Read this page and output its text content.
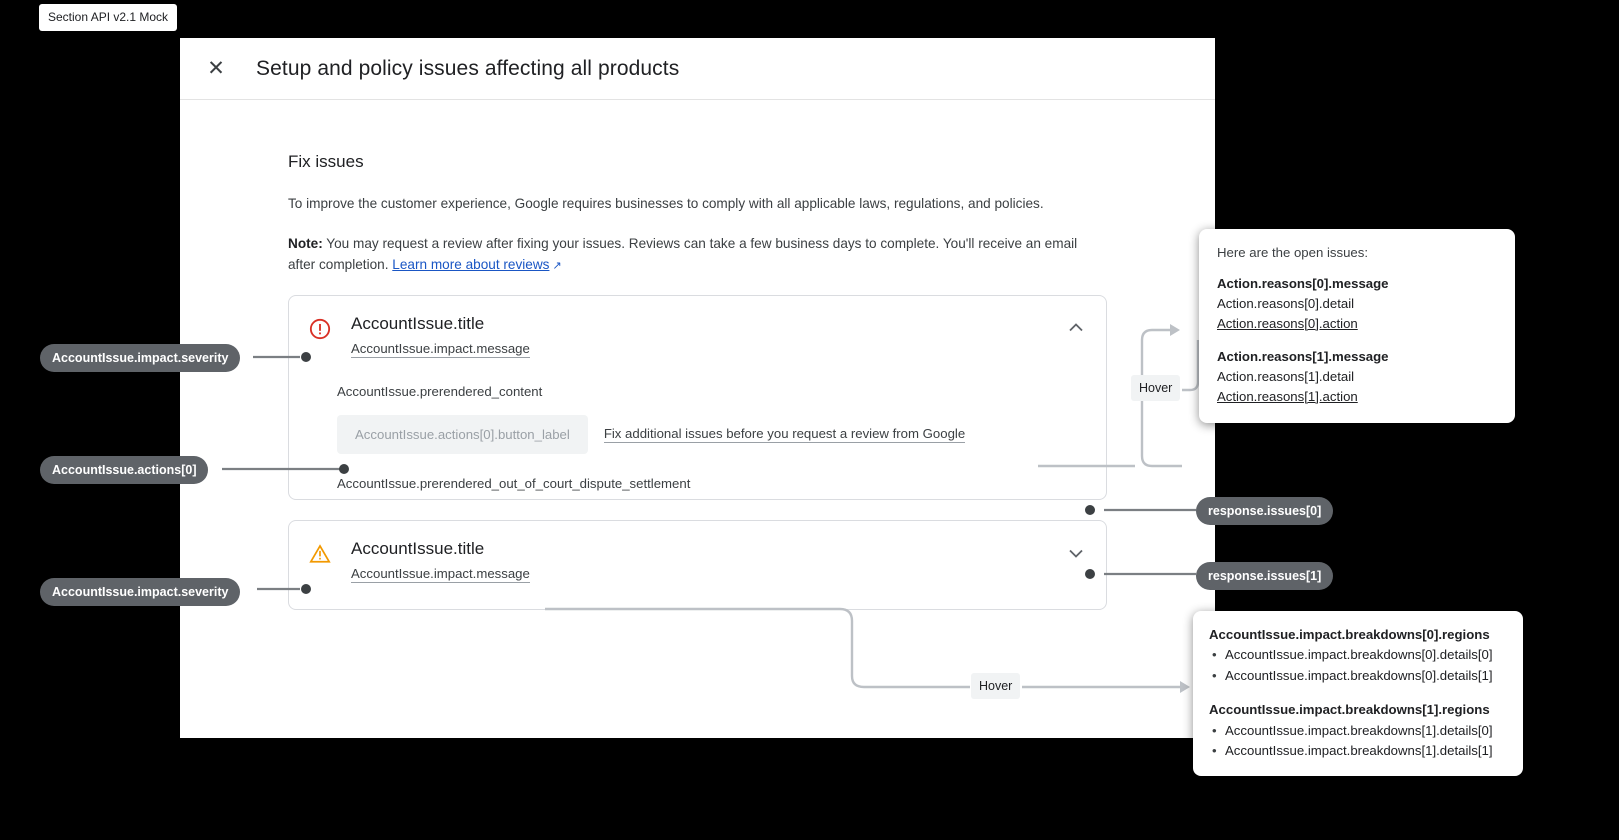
Section API v2.1 Mock
✕	Setup and policy issues affecting all products
Fix issues

To improve the customer experience, Google requires businesses to comply with all applicable laws, regulations, and policies.

Note: You may request a review after fixing your issues. Reviews can take a few business days to complete. You'll receive an email after completion. Learn more about reviews ↗︎

AccountIssue.title
AccountIssue.impact.message
AccountIssue.prerendered_content
AccountIssue.actions[0].button_label	Fix additional issues before you request a review from Google
AccountIssue.prerendered_out_of_court_dispute_settlement
AccountIssue.title
AccountIssue.impact.message
Hover
Hover
Here are the open issues:
Action.reasons[0].message
Action.reasons[0].detail
Action.reasons[0].action
Action.reasons[1].message
Action.reasons[1].detail
Action.reasons[1].action
AccountIssue.impact.breakdowns[0].regions
• AccountIssue.impact.breakdowns[0].details[0]
• AccountIssue.impact.breakdowns[0].details[1]
AccountIssue.impact.breakdowns[1].regions
• AccountIssue.impact.breakdowns[1].details[0]
• AccountIssue.impact.breakdowns[1].details[1]
AccountIssue.impact.severity
AccountIssue.actions[0]
AccountIssue.impact.severity
response.issues[0]
response.issues[1]
